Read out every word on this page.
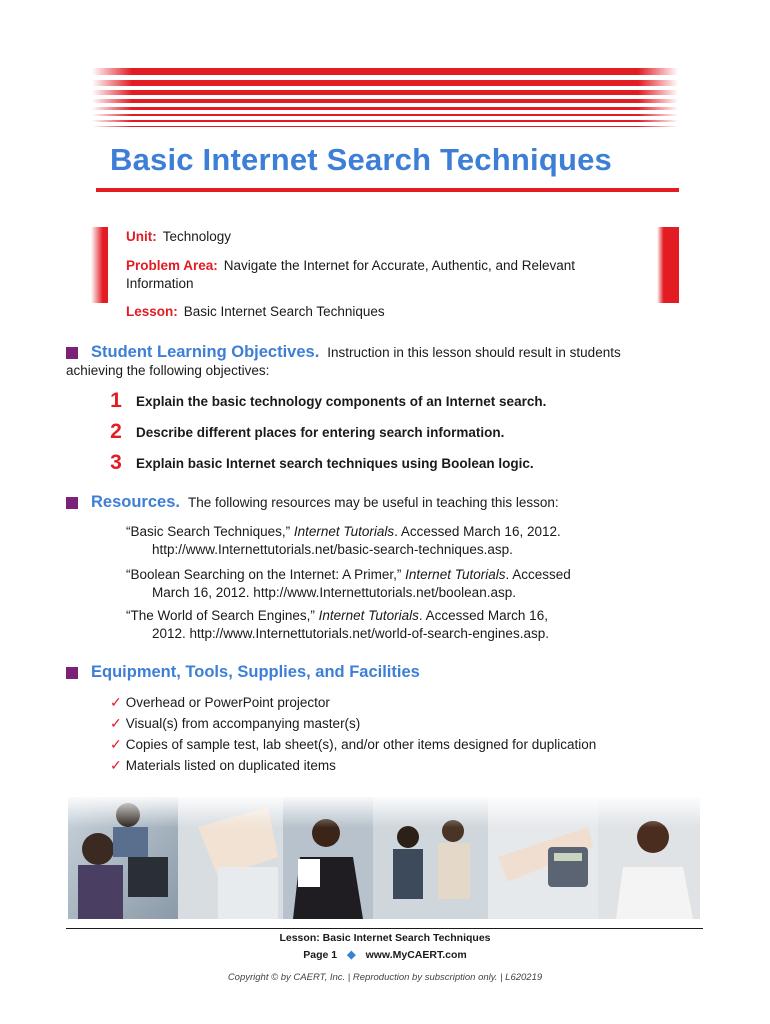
Basic Internet Search Techniques
Unit: Technology
Problem Area: Navigate the Internet for Accurate, Authentic, and Relevant
Information
Lesson: Basic Internet Search Techniques
Student Learning Objectives. Instruction in this lesson should result in students
achieving the following objectives:
1 Explain the basic technology components of an Internet search.
2 Describe different places for entering search information.
3 Explain basic Internet search techniques using Boolean logic.
Resources. The following resources may be useful in teaching this lesson:
“Basic Search Techniques,” Internet Tutorials. Accessed March 16, 2012.
http://www.Internettutorials.net/basic-search-techniques.asp.
“Boolean Searching on the Internet: A Primer,” Internet Tutorials. Accessed
March 16, 2012. http://www.Internettutorials.net/boolean.asp.
“The World of Search Engines,” Internet Tutorials. Accessed March 16,
2012. http://www.Internettutorials.net/world-of-search-engines.asp.
Equipment, Tools, Supplies, and Facilities
✓ Overhead or PowerPoint projector
✓ Visual(s) from accompanying master(s)
✓ Copies of sample test, lab sheet(s), and/or other items designed for duplication
✓ Materials listed on duplicated items
Lesson: Basic Internet Search Techniques
Page 1 ◆ www.MyCAERT.com
Copyright © by CAERT, Inc. | Reproduction by subscription only. | L620219
